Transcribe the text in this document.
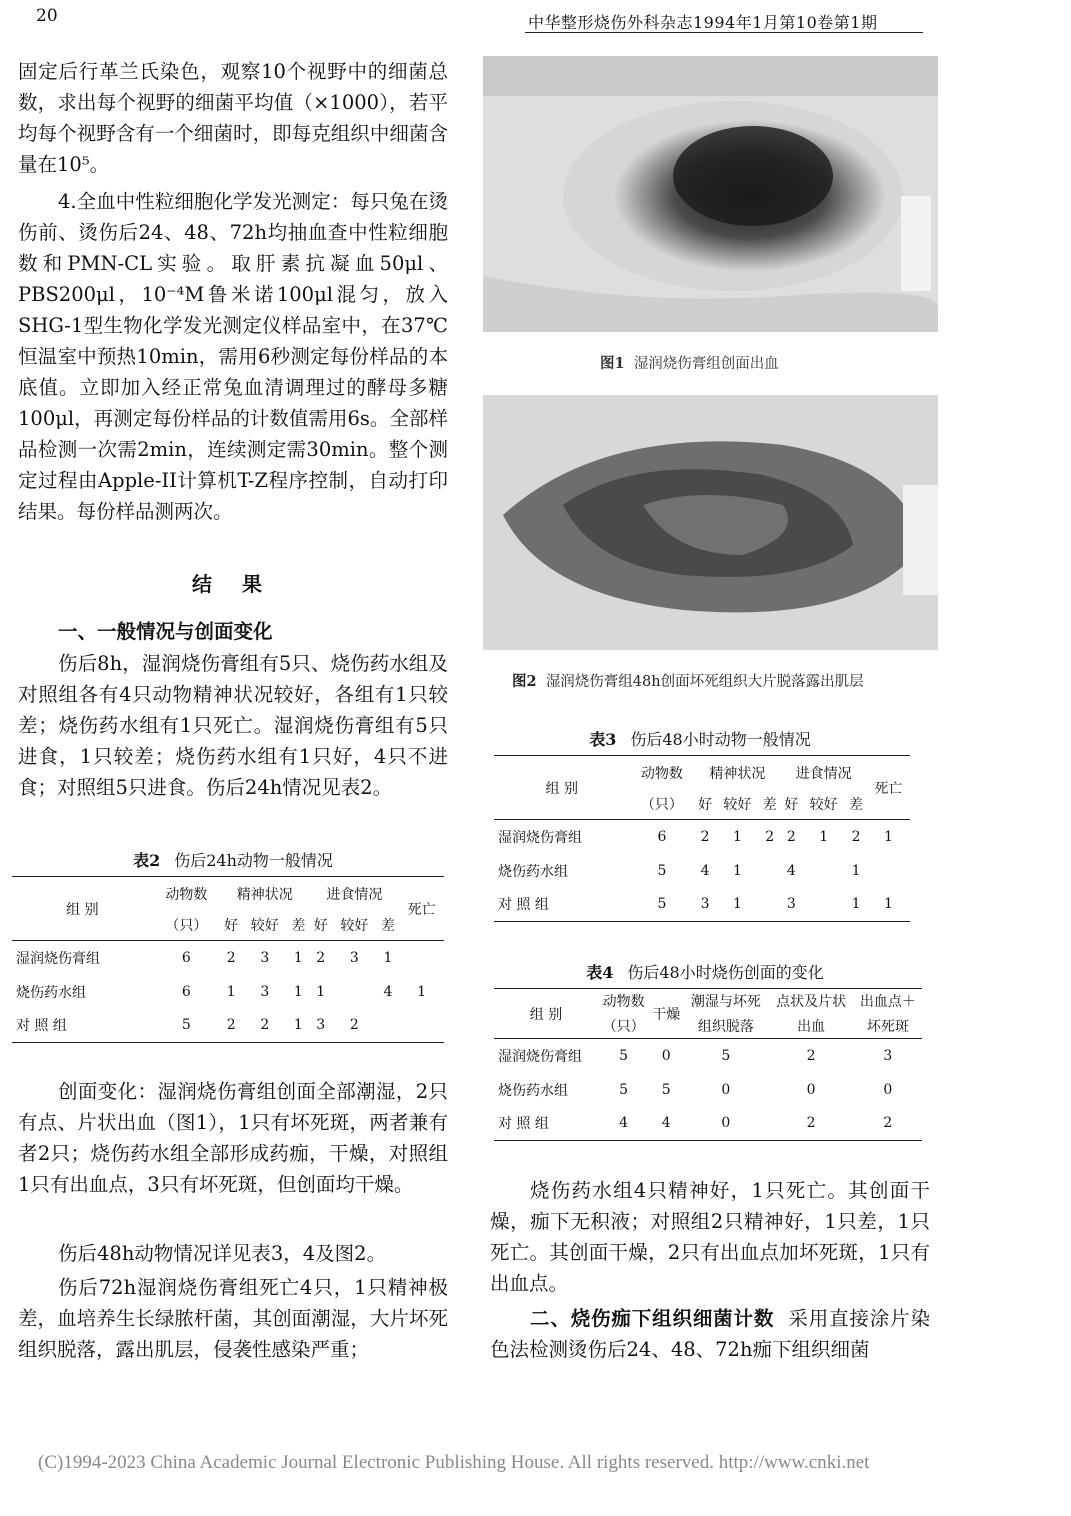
20	中华整形烧伤外科杂志1994年1月第10卷第1期

固定后行革兰氏染色，观察10个视野中的细菌总数，求出每个视野的细菌平均值（×1000），若平均每个视野含有一个细菌时，即每克组织中细菌含量在10⁵。

4.全血中性粒细胞化学发光测定：每只兔在烫伤前、烫伤后24、48、72h均抽血查中性粒细胞数和PMN-CL实验。取肝素抗凝血50μl、PBS200μl，10⁻⁴M鲁米诺100μl混匀，放入SHG-1型生物化学发光测定仪样品室中，在37℃恒温室中预热10min，需用6秒测定每份样品的本底值。立即加入经正常兔血清调理过的酵母多糖100μl，再测定每份样品的计数值需用6s。全部样品检测一次需2min，连续测定需30min。整个测定过程由Apple-II计算机T-Z程序控制，自动打印结果。每份样品测两次。

结果
一、一般情况与创面变化

伤后8h，湿润烧伤膏组有5只、烧伤药水组及对照组各有4只动物精神状况较好，各组有1只较差；烧伤药水组有1只死亡。湿润烧伤膏组有5只进食，1只较差；烧伤药水组有1只好，4只不进食；对照组5只进食。伤后24h情况见表2。

表2 伤后24h动物一般情况
组 别	动物数	精神状况			进食情况			死亡
	（只）	好	较好	差	好	较好	差	
湿润烧伤膏组	6	2	3	1	2	3	1	
烧伤药水组	6	1	3	1	1		4	1
对 照 组	5	2	2	1	3	2		

创面变化：湿润烧伤膏组创面全部潮湿，2只有点、片状出血（图1），1只有坏死斑，两者兼有者2只；烧伤药水组全部形成药痂，干燥，对照组1只有出血点，3只有坏死斑，但创面均干燥。

伤后48h动物情况详见表3，4及图2。

伤后72h湿润烧伤膏组死亡4只，1只精神极差，血培养生长绿脓杆菌，其创面潮湿，大片坏死组织脱落，露出肌层，侵袭性感染严重；

图1 湿润烧伤膏组创面出血
图2 湿润烧伤膏组48h创面坏死组织大片脱落露出肌层
表3 伤后48小时动物一般情况
组 别	动物数	精神状况			进食情况			死亡
	（只）	好	较好	差	好	较好	差	
湿润烧伤膏组	6	2	1	2	2	1	2	1
烧伤药水组	5	4	1		4		1	
对 照 组	5	3	1		3		1	1
表4 伤后48小时烧伤创面的变化
组 别	动物数	干燥	潮湿与坏死	点状及片状	出血点＋
	（只）		组织脱落	出血	坏死斑
湿润烧伤膏组	5	0	5	2	3
烧伤药水组	5	5	0	0	0
对 照 组	4	4	0	2	2

烧伤药水组4只精神好，1只死亡。其创面干燥，痂下无积液；对照组2只精神好，1只差，1只死亡。其创面干燥，2只有出血点加坏死斑，1只有出血点。

二、烧伤痂下组织细菌计数 采用直接涂片染色法检测烫伤后24、48、72h痂下组织细菌

(C)1994-2023 China Academic Journal Electronic Publishing House. All rights reserved. http://www.cnki.net
